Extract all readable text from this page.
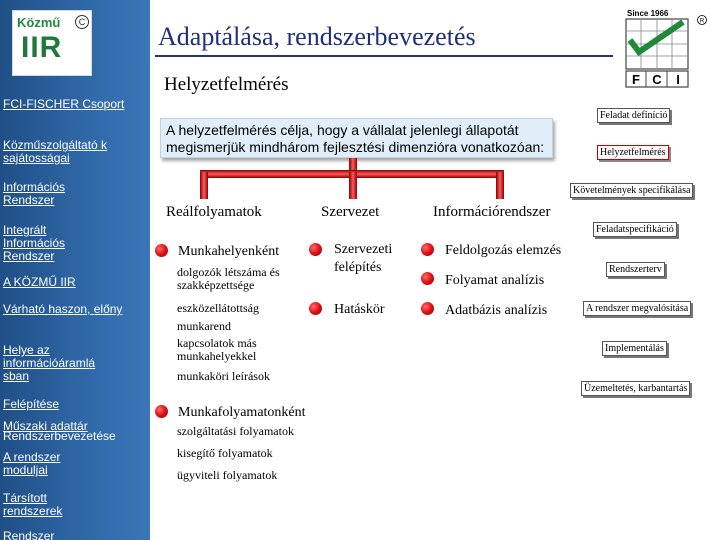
Közmű
IIR
C
FCI-FISCHER Csoport
Közműszolgáltató k sajátosságai
Információs Rendszer
Integrált Információs Rendszer
A KÖZMŰ IIR
Várható haszon, előny
Helye az információáramlá sban
Felépítése
Műszaki adattár
Rendszerbevezetése
A rendszer moduljai
Társított rendszerek
Rendszer
Adaptálása, rendszerbevezetés
Helyzetfelmérés
Since 1966
F C I
R
A helyzetfelmérés célja, hogy a vállalat jelenlegi állapotát megismerjük mindhárom fejlesztési dimenzióra vonatkozóan:
Reálfolyamatok	Szervezet	Információrendszer
Munkahelyenként
dolgozók létszáma és szakképzettsége
eszközellátottság
munkarend
kapcsolatok más munkahelyekkel
munkaköri leírások
Munkafolyamatonként
szolgáltatási folyamatok
kisegítő folyamatok
ügyviteli folyamatok
Szervezeti felépítés
Hatáskör
Feldolgozás elemzés
Folyamat analízis
Adatbázis analízis
Feladat definíció
Helyzetfelmérés
Követelmények specifikálása
Feladatspecifikáció
Rendszerterv
A rendszer megvalósítása
Implementálás
Üzemeltetés, karbantartás
